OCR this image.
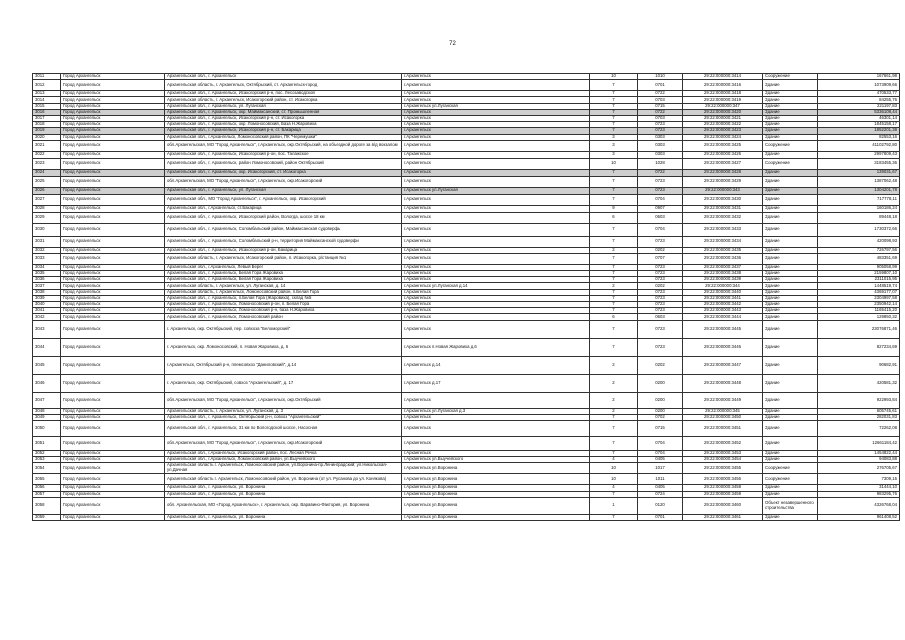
72
3011	Город Архангельск	Архангельская обл., г. Архангельск	г.Архангельск	10	1010	29:22:000000:3414	Сооружение	167661,98
3012	Город Архангельск	Архангельская область, г. Архангельск, Октябрьский, ст. Архангельск-город	г.Архангельск	7	0701	29:22:000000:3416	Здание	1073909,66
3013	Город Архангельск	Архангельская обл., г. Архангельск, Исакогорский р-н, пос. Лесозаводской	г.Архангельск	7	0722	29:22:000000:3418	Здание	470533,77
3014	Город Архангельск	Архангельская область, г. Архангельск, Исакогорский район, ст. Исакогорка	г.Архангельск	7	0703	29:22:000000:3419	Здание	84255,76
3015	Город Архангельск	Архангельская обл., г. Архангельск, ул. Луганская	г.Архангельск ул.Луганская	7	0715	29:22:000000:347	Здание	221197,83
3016	Город Архангельск	Архангельская обл., г. Архангельск, окр. Маймаксанский, ст. Промышленная	г.Архангельск	7	0722	29:22:000000:3420	Здание	5336108,44
3017	Город Архангельск	Архангельская обл., г. Архангельск, Исакогорский р-н, ст. Исакогорка	г.Архангельск	7	0703	29:22:000000:3421	Здание	46301,14
3018	Город Архангельск	Архангельская обл., г. Архангельск, окр. Ломоносовский, База Н.Жаровиха	г.Архангельск	7	0723	29:22:000000:3422	Здание	1845158,17
3019	Город Архангельск	Архангельская обл., г. Архангельск, Исакогорский р-н, ст. Бакарица	г.Архангельск	7	0723	29:22:000000:3423	Здание	1852201,38
3020	Город Архангельск	Архангельская обл., г.Архангельск, Ломоносовский район, ПК "Черемушки"	г.Архангельск	3	0303	29:22:000000:3424	Здание	82553,16
3021	Город Архангельск	обл.Архангельская, МО "Город Архангельск", г.Архангельск, окр.Октябрьский, на объездной дороге за в/д вокзалом	г.Архангельск	3	0303	29:22:000000:3425	Сооружение	41102792,80
3022	Город Архангельск	Архангельская обл., г. Архангельск, Исакогорский р-он, пос. Талажское	г.Архангельск	3	0303	29:22:000000:3426	Здание	2997809,43
3023	Город Архангельск	Архангельская обл., г. Архангельск, район Ломоносовский, район Октябрьский	г.Архангельск	10	1028	29:22:000000:3427	Сооружение	3183455,36
3024	Город Архангельск	Архангельская обл., г. Архангельск, окр. Исакогорский, ст. Исакогорка	г.Архангельск	7	0722	29:22:000000:3428	Здание	139031,67
3025	Город Архангельск	обл.Архангельская, МО "Город Архангельск", г.Архангельск, окр.Исакогорский	г.Архангельск	7	0723	29:22:000000:3429	Здание	1387062,48
3026	Город Архангельск	Архангельская обл., г. Архангельск, ул. Луганская	г.Архангельск ул.Луганская	7	0723	29:22:000000:343	Здание	1304201,78
3027	Город Архангельск	Архангельская обл., МО "Город Архангельск", г. Архангельск, окр. Исакогорский	г.Архангельск	7	0704	29:22:000000:3430	Здание	717778,11
3028	Город Архангельск	Архангельская обл., г.Архангельск, ст.Бакарица	г.Архангельск	9	0907	29:22:000000:3431	Здание	160186,24
3029	Город Архангельск	Архангельская обл., г. Архангельск, Исакогорский район, Вологда, шоссе 18 км	г.Архангельск	6	0603	29:22:000000:3432	Здание	89448,18
3030	Город Архангельск	Архангельская обл., г. Архангельск, Соломбальский район, Маймаксанская судоверфь	г.Архангельск	7	0704	29:22:000000:3433	Здание	1730372,66
3031	Город Архангельск	Архангельская обл., г. Архангельск, Соломбальский р-н, территория Маймаксанской судоверфи	г.Архангельск	7	0723	29:22:000000:3434	Здание	420098,93
3032	Город Архангельск	Архангельская обл., г. Архангельск, Исакогорский р-он, Бакарица	г.Архангельск	2	0202	29:22:000000:3435	Здание	726797,56
3033	Город Архангельск	Архангельская область, г. Архангельск, Исакогорский район, п. Исакогорка, р/станция №1	г.Архангельск	7	0707	29:22:000000:3436	Здание	483351,69
3034	Город Архангельск	Архангельская обл., г.Архангельск, Левый Берег	г.Архангельск	7	0723	29:22:000000:3437	Здание	905058,99
3035	Город Архангельск	Архангельская обл., г. Архангельск, Белая Гора Жаровиха	г.Архангельск	7	0723	29:22:000000:3438	Здание	2159807,10
3036	Город Архангельск	Архангельская обл., г. Архангельск, Белая Гора Жаровиха	г.Архангельск	7	0723	29:22:000000:3439	Здание	2311015,95
3037	Город Архангельск	Архангельская область, г. Архангельск, ул. Луганская, д. 14	г.Архангельск ул.Луганская д.14	2	0202	29:22:000000:344	Здание	1448519,74
3038	Город Архангельск	Архангельская область, г. Архангельск, Ломоносовский район, п.Белая Гора	г.Архангельск	7	0723	29:22:000000:3440	Здание	4369177,07
3039	Город Архангельск	Архангельская обл., г. Архангельск, п.Белая Гора (Жаровиха), склад №5	г.Архангельск	7	0723	29:22:000000:3441	Здание	2304997,58
3040	Город Архангельск	Архангельская обл., г. Архангельск, Ломоносовский р-он, п. Белая Гора	г.Архангельск	7	0723	29:22:000000:3442	Здание	2350942,14
3041	Город Архангельск	Архангельская обл., г. Архангельск, Ломоносовский р-н, база Н.Жаровиха	г.Архангельск	7	0723	29:22:000000:3443	Здание	1165415,20
3042	Город Архангельск	Архангельская обл., г. Архангельск, Ломоносовский район	г.Архангельск	6	0603	29:22:000000:3444	Здание	129850,32
3043	Город Архангельск	г. Архангельск, окр. Октябрьский, пер. совхоза "Беломорский"	г.Архангельск	7	0723	29:22:000000:3445	Здание	23076871,46
3044	Город Архангельск	г. Архангельск, окр. Ломоносовский, п. Новая Жаровиха, д. 6	г.Архангельск п.Новая Жаровиха д.6	7	0723	29:22:000000:3446	Здание	827234,69
3045	Город Архангельск	г.Архангельск, Октябрьский р-н, племсовхоз "Даниловский", д.14	г.Архангельск д.14	2	0202	29:22:000000:3447	Здание	90682,91
3046	Город Архангельск	г. Архангельск, окр. Октябрьский, совхоз "Архангельский", д. 17	г.Архангельск д.17	2	0200	29:22:000000:3448	Здание	420581,32
3047	Город Архангельск	обл.Архангельская, МО "Город Архангельск", г.Архангельск, окр.Октябрьский	г.Архангельск	2	0200	29:22:000000:3449	Здание	922993,84
3048	Город Архангельск	Архангельская область, г. Архангельск, ул. Луганская, д. 3	г.Архангельск ул.Луганская д.3	2	0200	29:22:000000:345	Здание	605745,61
3049	Город Архангельск	Архангельская обл., г. Архангельск, Октябрьский р-н, совхоз "Архангельский"	г.Архангельск	7	0702	29:22:000000:3450	Здание	282031,83
3050	Город Архангельск	Архангельская обл., г. Архангельск, 31 км по Вологодской шоссе, Насосная	г.Архангельск	7	0715	29:22:000000:3451	Здание	72262,08
3051	Город Архангельск	обл.Архангельская, МО "Город Архангельск", г.Архангельск, окр.Исакогорский	г.Архангельск	7	0704	29:22:000000:3452	Здание	12661184,42
3052	Город Архангельск	Архангельская обл., г.Архангельск, Исакогорский район, пос. Лесная Речка	г.Архангельск	7	0704	29:22:000000:3453	Здание	1454822,44
3053	Город Архангельск	Архангельская обл., г.Архангельск, Ломоносовский район, ул.Выучейского	г.Архангельск ул.Выучейского	4	0405	29:22:000000:3454	Здание	94083,88
3054	Город Архангельск	Архангельская область г. Архангельск, Ломоносовский район, ул.Воронина-пр.Ленинградский; ул.Никольская-ул.Дачная	г.Архангельск ул.Воронина	10	1017	29:22:000000:3455	Сооружение	276705,67
3055	Город Архангельск	Архангельская область г. Архангельск, Ломоносовский район, ул. Воронина (от ул. Русанова до ул. Конякова)	г.Архангельск ул.Воронина	10	1011	29:22:000000:3456	Сооружение	7309,15
3056	Город Архангельск	Архангельская обл., г. Архангельск, ул. Воронина	г.Архангельск ул.Воронина	4	0405	29:22:000000:3458	Здание	31444,10
3057	Город Архангельск	Архангельская обл., г. Архангельск, ул. Воронина	г.Архангельск ул.Воронина	7	0724	29:22:000000:3459	Здание	983295,76
3058	Город Архангельск	обл. Архангельская, МО «Город Архангельск», г. Архангельск, окр. Варавино-Фактория, ул. Воронина	г.Архангельск ул.Воронина	1	0120	29:22:000000:3460	Объект незавершенного строительства	4326768,04
3059	Город Архангельск	Архангельская обл., г. Архангельск, ул. Воронина	г.Архангельск ул.Воронина	7	0701	29:22:000000:3461	Здание	961408,52
